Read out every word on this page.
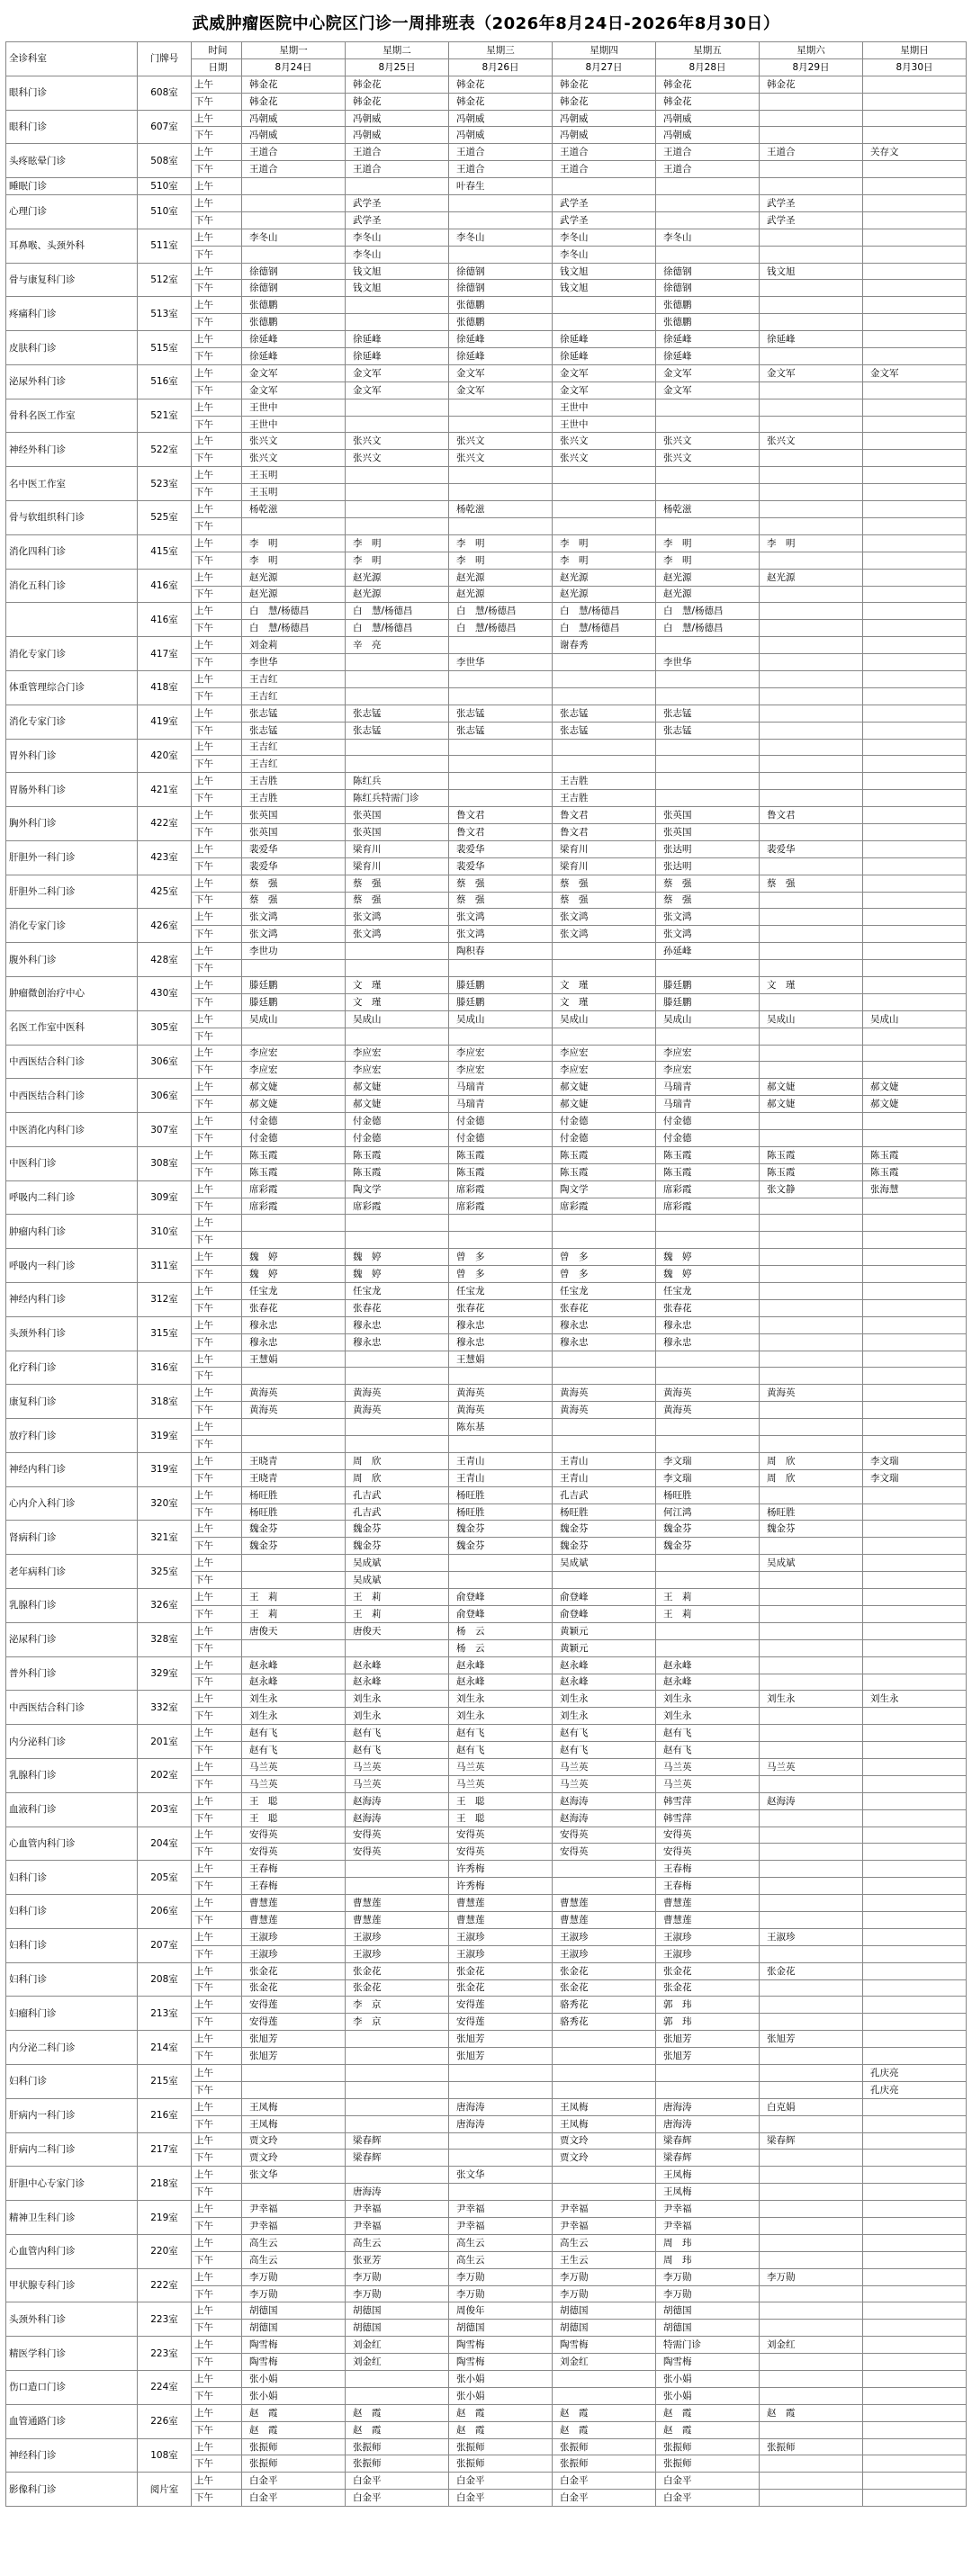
武威肿瘤医院中心院区门诊一周排班表（2026年8月24日-2026年8月30日）
全诊科室	门牌号	时间	星期一	星期二	星期三	星期四	星期五	星期六	星期日
		日期	8月24日	8月25日	8月26日	8月27日	8月28日	8月29日	8月30日
眼科门诊	608室	上午	韩金花	韩金花	韩金花	韩金花	韩金花	韩金花	
		下午	韩金花	韩金花	韩金花	韩金花	韩金花		
眼科门诊	607室	上午	冯朝威	冯朝威	冯朝威	冯朝威	冯朝威		
		下午	冯朝威	冯朝威	冯朝威	冯朝威	冯朝威		
头疼眩晕门诊	508室	上午	王道合	王道合	王道合	王道合	王道合	王道合	关存文
		下午	王道合	王道合	王道合	王道合	王道合		
睡眠门诊	510室	上午			叶春生				
心理门诊	510室	上午		武学圣		武学圣		武学圣	
		下午		武学圣		武学圣		武学圣	
耳鼻喉、头颈外科	511室	上午	李冬山	李冬山	李冬山	李冬山	李冬山		
		下午		李冬山		李冬山			
骨与康复科门诊	512室	上午	徐德钢	钱文旭	徐德钢	钱文旭	徐德钢	钱文旭	
		下午	徐德钢	钱文旭	徐德钢	钱文旭	徐德钢		
疼痛科门诊	513室	上午	张德鹏		张德鹏		张德鹏		
		下午	张德鹏		张德鹏		张德鹏		
皮肤科门诊	515室	上午	徐延峰	徐延峰	徐延峰	徐延峰	徐延峰	徐延峰	
		下午	徐延峰	徐延峰	徐延峰	徐延峰	徐延峰		
泌尿外科门诊	516室	上午	金文军	金文军	金文军	金文军	金文军	金文军	金文军
		下午	金文军	金文军	金文军	金文军	金文军		
骨科名医工作室	521室	上午	王世中			王世中			
		下午	王世中			王世中			
神经外科门诊	522室	上午	张兴文	张兴文	张兴文	张兴文	张兴文	张兴文	
		下午	张兴文	张兴文	张兴文	张兴文	张兴文		
名中医工作室	523室	上午	王玉明						
		下午	王玉明						
骨与软组织科门诊	525室	上午	杨乾滋		杨乾滋		杨乾滋		
		下午							
消化四科门诊	415室	上午	李　明	李　明	李　明	李　明	李　明	李　明	
		下午	李　明	李　明	李　明	李　明	李　明		
消化五科门诊	416室	上午	赵光源	赵光源	赵光源	赵光源	赵光源	赵光源	
		下午	赵光源	赵光源	赵光源	赵光源	赵光源		
	416室	上午	白　慧/杨德昌	白　慧/杨德昌	白　慧/杨德昌	白　慧/杨德昌	白　慧/杨德昌		
		下午	白　慧/杨德昌	白　慧/杨德昌	白　慧/杨德昌	白　慧/杨德昌	白　慧/杨德昌		
消化专家门诊	417室	上午	刘金莉	辛　亮		谢春秀			
		下午	李世华		李世华		李世华		
体重管理综合门诊	418室	上午	王吉红						
		下午	王吉红						
消化专家门诊	419室	上午	张志锰	张志锰	张志锰	张志锰	张志锰		
		下午	张志锰	张志锰	张志锰	张志锰	张志锰		
胃外科门诊	420室	上午	王吉红						
		下午	王吉红						
胃肠外科门诊	421室	上午	王吉胜	陈红兵		王吉胜			
		下午	王吉胜	陈红兵特需门诊		王吉胜			
胸外科门诊	422室	上午	张英国	张英国	鲁文君	鲁文君	张英国	鲁文君	
		下午	张英国	张英国	鲁文君	鲁文君	张英国		
肝胆外一科门诊	423室	上午	裴爱华	梁育川	裴爱华	梁育川	张达明	裴爱华	
		下午	裴爱华	梁育川	裴爱华	梁育川	张达明		
肝胆外二科门诊	425室	上午	蔡　强	蔡　强	蔡　强	蔡　强	蔡　强	蔡　强	
		下午	蔡　强	蔡　强	蔡　强	蔡　强	蔡　强		
消化专家门诊	426室	上午	张文鸿	张文鸿	张文鸿	张文鸿	张文鸿		
		下午	张文鸿	张文鸿	张文鸿	张文鸿	张文鸿		
腹外科门诊	428室	上午	李世功		陶积春		孙延峰		
		下午							
肿瘤微创治疗中心	430室	上午	滕廷鹏	文　瑾	滕廷鹏	文　瑾	滕廷鹏	文　瑾	
		下午	滕廷鹏	文　瑾	滕廷鹏	文　瑾	滕廷鹏		
名医工作室中医科	305室	上午	吴成山	吴成山	吴成山	吴成山	吴成山	吴成山	吴成山
		下午							
中西医结合科门诊	306室	上午	李应宏	李应宏	李应宏	李应宏	李应宏		
		下午	李应宏	李应宏	李应宏	李应宏	李应宏		
中西医结合科门诊	306室	上午	郝文婕	郝文婕	马瑞青	郝文婕	马瑞青	郝文婕	郝文婕
		下午	郝文婕	郝文婕	马瑞青	郝文婕	马瑞青	郝文婕	郝文婕
中医消化内科门诊	307室	上午	付金德	付金德	付金德	付金德	付金德		
		下午	付金德	付金德	付金德	付金德	付金德		
中医科门诊	308室	上午	陈玉霞	陈玉霞	陈玉霞	陈玉霞	陈玉霞	陈玉霞	陈玉霞
		下午	陈玉霞	陈玉霞	陈玉霞	陈玉霞	陈玉霞	陈玉霞	陈玉霞
呼吸内二科门诊	309室	上午	席彩霞	陶文学	席彩霞	陶文学	席彩霞	张文静	张海慧
		下午	席彩霞	席彩霞	席彩霞	席彩霞	席彩霞		
肿瘤内科门诊	310室	上午							
		下午							
呼吸内一科门诊	311室	上午	魏　婷	魏　婷	曾　多	曾　多	魏　婷		
		下午	魏　婷	魏　婷	曾　多	曾　多	魏　婷		
神经内科门诊	312室	上午	任宝龙	任宝龙	任宝龙	任宝龙	任宝龙		
		下午	张春花	张春花	张春花	张春花	张春花		
头颈外科门诊	315室	上午	穆永忠	穆永忠	穆永忠	穆永忠	穆永忠		
		下午	穆永忠	穆永忠	穆永忠	穆永忠	穆永忠		
化疗科门诊	316室	上午	王慧娟		王慧娟				
		下午							
康复科门诊	318室	上午	黄海英	黄海英	黄海英	黄海英	黄海英	黄海英	
		下午	黄海英	黄海英	黄海英	黄海英	黄海英		
放疗科门诊	319室	上午			陈东基				
		下午							
神经内科门诊	319室	上午	王晓青	周　欣	王青山	王青山	李文瑞	周　欣	李文瑞
		下午	王晓青	周　欣	王青山	王青山	李文瑞	周　欣	李文瑞
心内介入科门诊	320室	上午	杨旺胜	孔吉武	杨旺胜	孔吉武	杨旺胜		
		下午	杨旺胜	孔吉武	杨旺胜	杨旺胜	何江鸿	杨旺胜	
肾病科门诊	321室	上午	魏金芬	魏金芬	魏金芬	魏金芬	魏金芬	魏金芬	
		下午	魏金芬	魏金芬	魏金芬	魏金芬	魏金芬		
老年病科门诊	325室	上午		吴成斌		吴成斌		吴成斌	
		下午		吴成斌					
乳腺科门诊	326室	上午	王　莉	王　莉	俞登峰	俞登峰	王　莉		
		下午	王　莉	王　莉	俞登峰	俞登峰	王　莉		
泌尿科门诊	328室	上午	唐俊天	唐俊天	杨　云	黄颖元			
		下午			杨　云	黄颖元			
普外科门诊	329室	上午	赵永峰	赵永峰	赵永峰	赵永峰	赵永峰		
		下午	赵永峰	赵永峰	赵永峰	赵永峰	赵永峰		
中西医结合科门诊	332室	上午	刘生永	刘生永	刘生永	刘生永	刘生永	刘生永	刘生永
		下午	刘生永	刘生永	刘生永	刘生永	刘生永		
内分泌科门诊	201室	上午	赵有飞	赵有飞	赵有飞	赵有飞	赵有飞		
		下午	赵有飞	赵有飞	赵有飞	赵有飞	赵有飞		
乳腺科门诊	202室	上午	马兰英	马兰英	马兰英	马兰英	马兰英	马兰英	
		下午	马兰英	马兰英	马兰英	马兰英	马兰英		
血液科门诊	203室	上午	王　聪	赵海涛	王　聪	赵海涛	韩雪萍	赵海涛	
		下午	王　聪	赵海涛	王　聪	赵海涛	韩雪萍		
心血管内科门诊	204室	上午	安得英	安得英	安得英	安得英	安得英		
		下午	安得英	安得英	安得英	安得英	安得英		
妇科门诊	205室	上午	王春梅		许秀梅		王春梅		
		下午	王春梅		许秀梅		王春梅		
妇科门诊	206室	上午	曹慧莲	曹慧莲	曹慧莲	曹慧莲	曹慧莲		
		下午	曹慧莲	曹慧莲	曹慧莲	曹慧莲	曹慧莲		
妇科门诊	207室	上午	王淑珍	王淑珍	王淑珍	王淑珍	王淑珍	王淑珍	
		下午	王淑珍	王淑珍	王淑珍	王淑珍	王淑珍		
妇科门诊	208室	上午	张金花	张金花	张金花	张金花	张金花	张金花	
		下午	张金花	张金花	张金花	张金花	张金花		
妇瘤科门诊	213室	上午	安得莲	李　京	安得莲	骆秀花	郭　玮		
		下午	安得莲	李　京	安得莲	骆秀花	郭　玮		
内分泌二科门诊	214室	上午	张旭芳		张旭芳		张旭芳	张旭芳	
		下午	张旭芳		张旭芳		张旭芳		
妇科门诊	215室	上午							孔庆亮
		下午							孔庆亮
肝病内一科门诊	216室	上午	王凤梅		唐海涛	王凤梅	唐海涛	白克娟	
		下午	王凤梅		唐海涛	王凤梅	唐海涛		
肝病内二科门诊	217室	上午	贾文玲	梁春辉		贾文玲	梁春辉	梁春辉	
		下午	贾文玲	梁春辉		贾文玲	梁春辉		
肝胆中心专家门诊	218室	上午	张文华		张文华		王凤梅		
		下午		唐海涛			王凤梅		
精神卫生科门诊	219室	上午	尹幸福	尹幸福	尹幸福	尹幸福	尹幸福		
		下午	尹幸福	尹幸福	尹幸福	尹幸福	尹幸福		
心血管内科门诊	220室	上午	高生云	高生云	高生云	高生云	周　玮		
		下午	高生云	张亚芳	高生云	王生云	周　玮		
甲状腺专科门诊	222室	上午	李万勋	李万勋	李万勋	李万勋	李万勋	李万勋	
		下午	李万勋	李万勋	李万勋	李万勋	李万勋		
头颈外科门诊	223室	上午	胡德国	胡德国	周俊年	胡德国	胡德国		
		下午	胡德国	胡德国	胡德国	胡德国	胡德国		
精医学科门诊	223室	上午	陶雪梅	刘金红	陶雪梅	陶雪梅	特需门诊	刘金红	
		下午	陶雪梅	刘金红	陶雪梅	刘金红	陶雪梅		
伤口造口门诊	224室	上午	张小娟		张小娟		张小娟		
		下午	张小娟		张小娟		张小娟		
血管通路门诊	226室	上午	赵　霞	赵　霞	赵　霞	赵　霞	赵　霞	赵　霞	
		下午	赵　霞	赵　霞	赵　霞	赵　霞	赵　霞		
神经科门诊	108室	上午	张振师	张振师	张振师	张振师	张振师	张振师	
		下午	张振师	张振师	张振师	张振师	张振师		
影像科门诊	阅片室	上午	白金平	白金平	白金平	白金平	白金平		
		下午	白金平	白金平	白金平	白金平	白金平		
